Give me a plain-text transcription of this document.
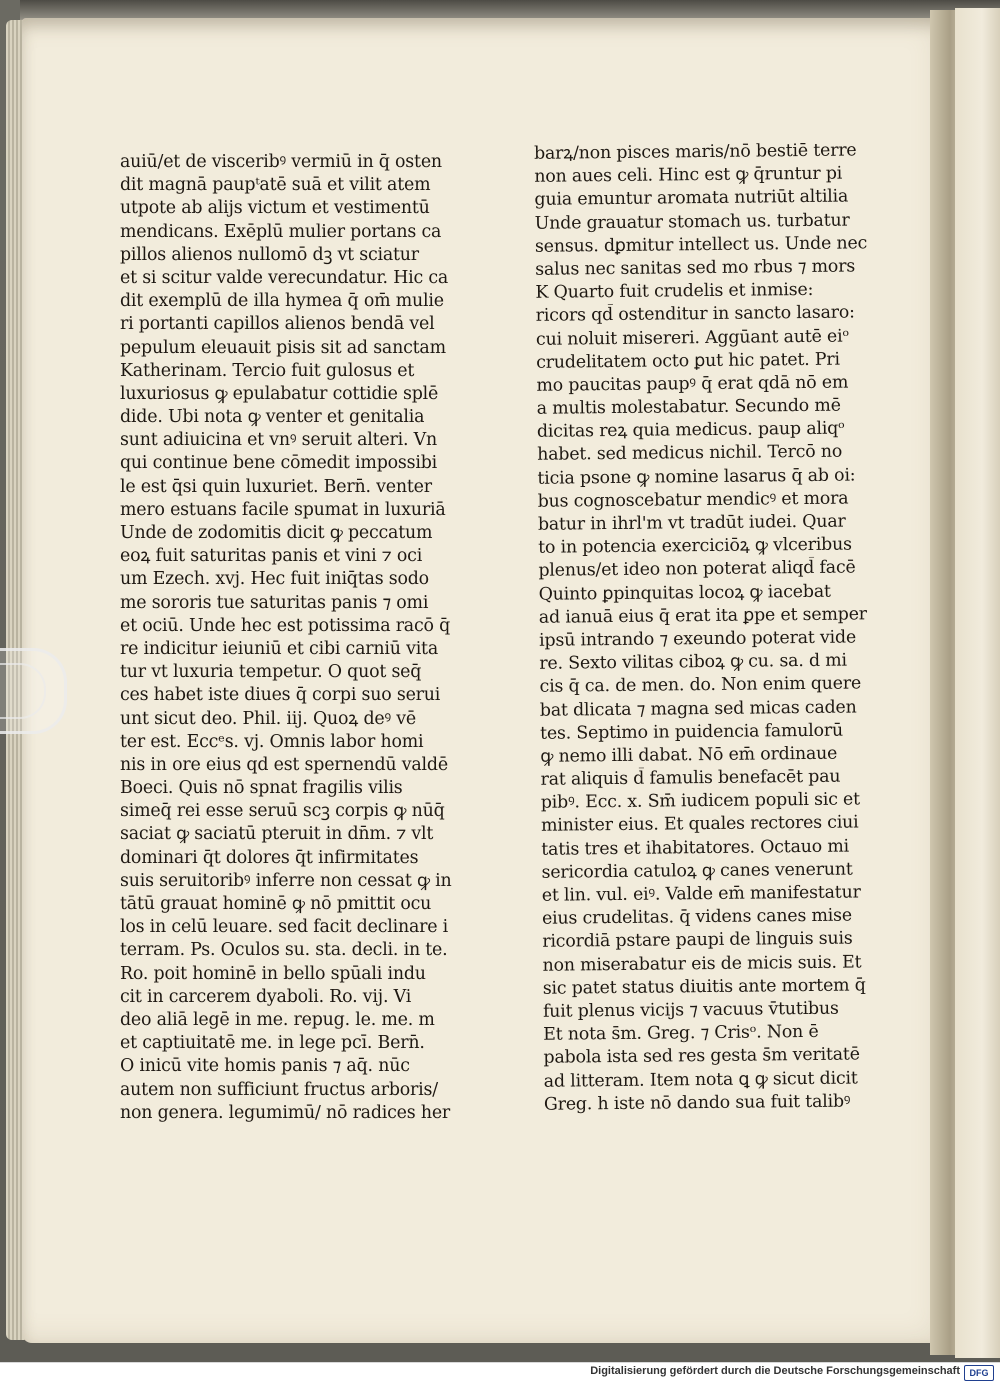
auiū/et de visceribꝰ vermiū in q̄ osten
dit magnā paupᵗatē suā et vilit atem
utpote ab alijs victum et vestimentū
mendicans. Exēplū mulier portans ca
pillos alienos nullomō dꝫ vt sciatur
et si scitur valde verecundatur. Hic ca
dit exemplū de illa hymea q̄ om̄ mulie
ri portanti capillos alienos bendā vel
pepulum eleuauit pisis sit ad sanctam
Katherinam. Tercio fuit gulosus et
luxuriosus ꝙ epulabatur cottidie splē
dide. Ubi nota ꝙ venter et genitalia
sunt adiuicina et vnꝰ seruit alteri. Vn
qui continue bene cōmedit impossibi
le est q̄si quin luxuriet. Bern̄. venter
mero estuans facile spumat in luxuriā
Unde de zodomitis dicit ꝙ peccatum
eoꝝ fuit saturitas panis et vini ⁊ oci
um Ezech. xvj. Hec fuit iniq̄tas sodo
me sororis tue saturitas panis ⁊ omi
et ociū. Unde hec est potissima racō q̄
re indicitur ieiuniū et cibi carniū vita
tur vt luxuria tempetur. O quot seq̄
ces habet iste diues q̄ corpi suo serui
unt sicut deo. Phil. iij. Quoꝝ deꝰ vē
ter est. Eccᵉs. vj. Omnis labor homi
nis in ore eius qd̄ est spernendū valdē
Boeci. Quis nō spnat fragilis vilis
simeq̄ rei esse seruū scꝫ corpis ꝙ nūq̄
saciat ꝙ saciatū pteruit in dn̄m. ⁊ vlt
dominari q̄t dolores q̄t infirmitates
suis seruitoribꝰ inferre non cessat ꝙ in
tātū grauat hominē ꝙ nō pmittit ocu
los in celū leuare. sed facit declinare i
terram. Ps. Oculos su. sta. decli. in te.
Ro. poit hominē in bello spūali indu
cit in carcerem dyaboli. Ro. vij. Vi
deo aliā legē in me. repug. le. me. m
et captiuitatē me. in lege pcī. Bern̄.
O inicū vite homis panis ⁊ aq̄. nūc
autem non sufficiunt fructus arboris/
non genera. legumimū/ nō radices her
barꝝ/non pisces maris/nō bestiē terre
non aues celi. Hinc est ꝙ q̄runtur pi
guia emuntur aromata nutriūt altilia
Unde grauatur stomach us. turbatur
sensus. dꝑmitur intellect us. Unde nec
salus nec sanitas sed mo rbus ⁊ mors
K Quarto fuit crudelis et inmise:
ricors qd̄ ostenditur in sancto lasaro:
cui noluit misereri. Aggūant autē eiᵒ
crudelitatem octo ꝑut hic patet. Pri
mo paucitas paupꝰ q̄ erat qdā nō em
a multis molestabatur. Secundo mē
dicitas reꝝ quia medicus. paup aliqᵒ
habet. sed medicus nichil. Tercō no
ticia psone ꝙ nomine lasarus q̄ ab oi:
bus cognoscebatur mendicꝰ et mora
batur in ihrl'm vt tradūt iudei. Quar
to in potencia exerciciōꝝ ꝙ vlceribus
plenus/et ideo non poterat aliqd̄ facē
Quinto ꝑpinquitas locoꝝ ꝙ iacebat
ad ianuā eius q̄ erat ita ꝑpe et semper
ipsū intrando ⁊ exeundo poterat vide
re. Sexto vilitas ciboꝝ ꝙ cu. sa. d mi
cis q̄ ca. de men. do. Non enim quere
bat dlicata ⁊ magna sed micas caden
tes. Septimo in puidencia famulorū
ꝙ nemo illi dabat. Nō em̄ ordinaue
rat aliquis d̄ famulis benefacēt pau
pibꝰ. Ecc. x. Sm̄ iudicem populi sic et
minister eius. Et quales rectores ciui
tatis tres et ihabitatores. Octauo mi
sericordia catuloꝝ ꝙ canes venerunt
et lin. vul. eiꝰ. Valde em̄ manifestatur
eius crudelitas. q̄ videns canes mise
ricordiā pstare paupi de linguis suis
non miserabatur eis de micis suis. Et
sic patet status diuitis ante mortem q̄
fuit plenus vicijs ⁊ vacuus v̄tutibus
Et nota s̄m. Greg. ⁊ Crisᵒ. Non ē
pabola ista sed res gesta s̄m veritatē
ad litteram. Item nota ꝗ ꝙ sicut dicit
Greg. h iste nō dando sua fuit talibꝰ
Digitalisierung gefördert durch die Deutsche Forschungsgemeinschaft	DFG
